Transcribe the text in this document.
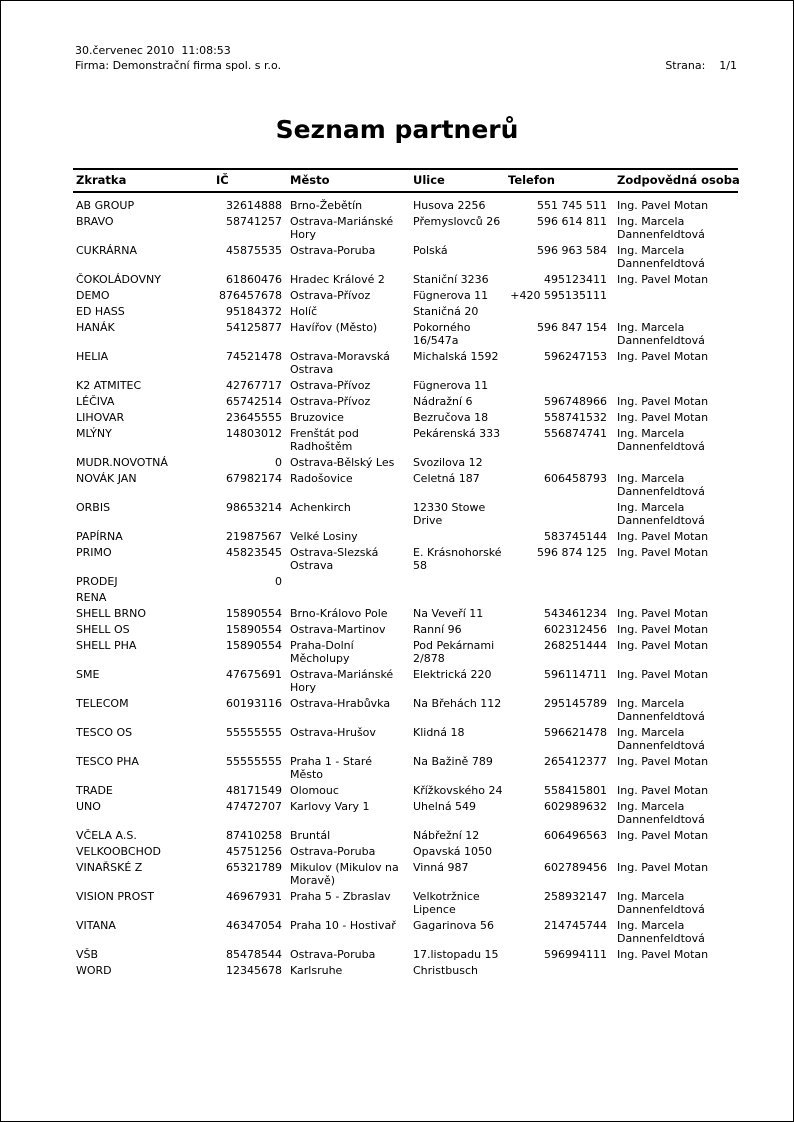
30.červenec 2010  11:08:53
Firma: Demonstrační firma spol. s r.o.	Strana: 1/1

Seznam partnerů
Zkratka	IČ	Město	Ulice	Telefon	Zodpovědná osoba
AB GROUP	32614888	Brno-Žebětín	Husova 2256	551 745 511	Ing. Pavel Motan
BRAVO	58741257	Ostrava-Mariánské Hory	Přemyslovců 26	596 614 811	Ing. Marcela Dannenfeldtová
CUKRÁRNA	45875535	Ostrava-Poruba	Polská	596 963 584	Ing. Marcela Dannenfeldtová
ČOKOLÁDOVNY	61860476	Hradec Králové 2	Staniční 3236	495123411	Ing. Pavel Motan
DEMO	876457678	Ostrava-Přívoz	Fügnerova 11	+420 595135111	
ED HASS	95184372	Holíč	Staničná 20		
HANÁK	54125877	Havířov (Město)	Pokorného 16/547a	596 847 154	Ing. Marcela Dannenfeldtová
HELIA	74521478	Ostrava-Moravská Ostrava	Michalská 1592	596247153	Ing. Pavel Motan
K2 ATMITEC	42767717	Ostrava-Přívoz	Fügnerova 11		
LÉČIVA	65742514	Ostrava-Přívoz	Nádražní 6	596748966	Ing. Pavel Motan
LIHOVAR	23645555	Bruzovice	Bezručova 18	558741532	Ing. Pavel Motan
MLÝNY	14803012	Frenštát pod Radhoštěm	Pekárenská 333	556874741	Ing. Marcela Dannenfeldtová
MUDR.NOVOTNÁ	0	Ostrava-Bělský Les	Svozilova 12		
NOVÁK JAN	67982174	Radošovice	Celetná 187	606458793	Ing. Marcela Dannenfeldtová
ORBIS	98653214	Achenkirch	12330 Stowe Drive		Ing. Marcela Dannenfeldtová
PAPÍRNA	21987567	Velké Losiny		583745144	Ing. Pavel Motan
PRIMO	45823545	Ostrava-Slezská Ostrava	E. Krásnohorské 58	596 874 125	Ing. Pavel Motan
PRODEJ	0				
RENA					
SHELL BRNO	15890554	Brno-Královo Pole	Na Veveří 11	543461234	Ing. Pavel Motan
SHELL OS	15890554	Ostrava-Martinov	Ranní 96	602312456	Ing. Pavel Motan
SHELL PHA	15890554	Praha-Dolní Měcholupy	Pod Pekárnami 2/878	268251444	Ing. Pavel Motan
SME	47675691	Ostrava-Mariánské Hory	Elektrická 220	596114711	Ing. Pavel Motan
TELECOM	60193116	Ostrava-Hrabůvka	Na Břehách 112	295145789	Ing. Marcela Dannenfeldtová
TESCO OS	55555555	Ostrava-Hrušov	Klidná 18	596621478	Ing. Marcela Dannenfeldtová
TESCO PHA	55555555	Praha 1 - Staré Město	Na Bažině 789	265412377	Ing. Pavel Motan
TRADE	48171549	Olomouc	Křížkovského 24	558415801	Ing. Pavel Motan
UNO	47472707	Karlovy Vary 1	Uhelná 549	602989632	Ing. Marcela Dannenfeldtová
VČELA A.S.	87410258	Bruntál	Nábřežní 12	606496563	Ing. Pavel Motan
VELKOOBCHOD	45751256	Ostrava-Poruba	Opavská 1050		
VINAŘSKÉ Z	65321789	Mikulov (Mikulov na Moravě)	Vinná 987	602789456	Ing. Pavel Motan
VISION PROST	46967931	Praha 5 - Zbraslav	Velkotržnice Lipence	258932147	Ing. Marcela Dannenfeldtová
VITANA	46347054	Praha 10 - Hostivař	Gagarinova 56	214745744	Ing. Marcela Dannenfeldtová
VŠB	85478544	Ostrava-Poruba	17.listopadu 15	596994111	Ing. Pavel Motan
WORD	12345678	Karlsruhe	Christbusch		
